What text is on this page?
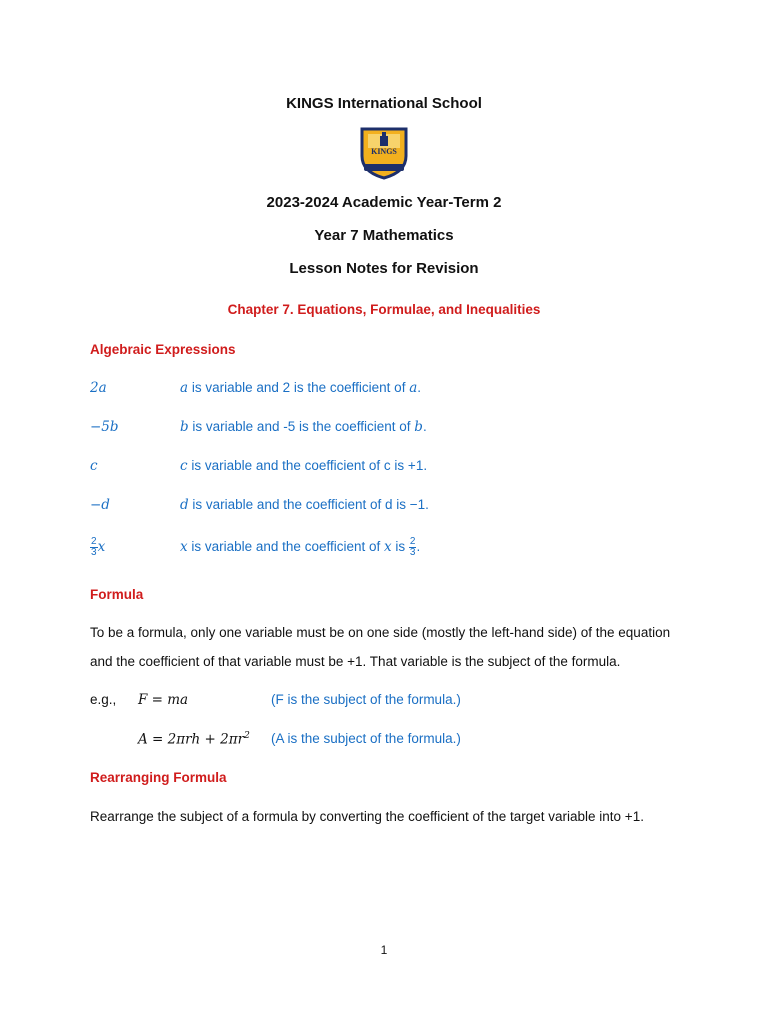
KINGS International School
KINGS
2023-2024 Academic Year-Term 2
Year 7 Mathematics
Lesson Notes for Revision
Chapter 7. Equations, Formulae, and Inequalities
Algebraic Expressions
2a	a is variable and 2 is the coefficient of a.
−5b	b is variable and -5 is the coefficient of b.
c	c is variable and the coefficient of c is +1.
−d	d is variable and the coefficient of d is −1.
$\frac{2}{3}$ x	x is variable and the coefficient of x is $\frac{2}{3}$ .
Formula
To be a formula, only one variable must be on one side (mostly the left-hand side) of the equation
and the coefficient of that variable must be +1. That variable is the subject of the formula.
e.g., F = ma	(F is the subject of the formula.)
$A = 2\pi rh + 2\pi r^2$ (A is the subject of the formula.)
Rearranging Formula
Rearrange the subject of a formula by converting the coefficient of the target variable into +1.
1
